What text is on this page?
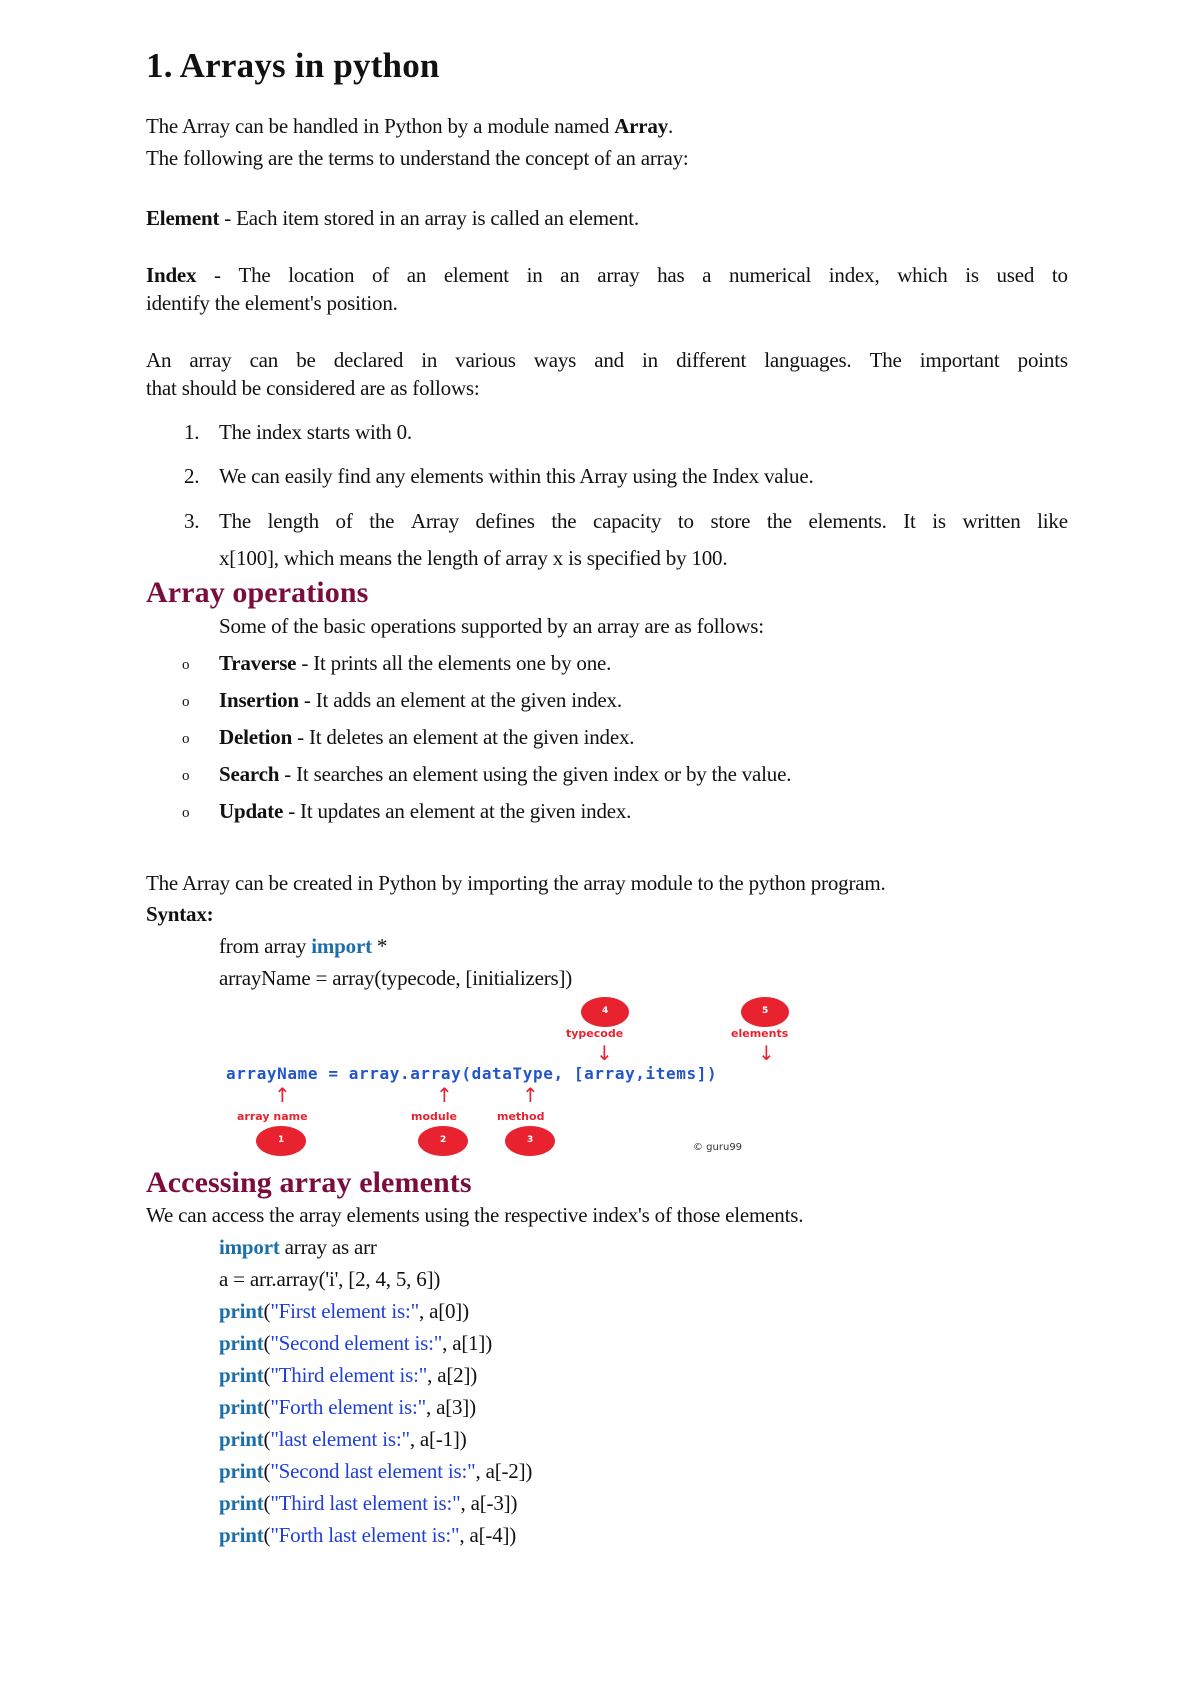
1. Arrays in python
The Array can be handled in Python by a module named Array.
The following are the terms to understand the concept of an array:
Element - Each item stored in an array is called an element.
Index - The location of an element in an array has a numerical index, which is used to
identify the element's position.
An array can be declared in various ways and in different languages. The important points
that should be considered are as follows:
1. The index starts with 0.
2. We can easily find any elements within this Array using the Index value.
3. The length of the Array defines the capacity to store the elements. It is written like
x[100], which means the length of array x is specified by 100.
Array operations
Some of the basic operations supported by an array are as follows:
o Traverse - It prints all the elements one by one.
o Insertion - It adds an element at the given index.
o Deletion - It deletes an element at the given index.
o Search - It searches an element using the given index or by the value.
o Update - It updates an element at the given index.
The Array can be created in Python by importing the array module to the python program.
Syntax:
from array import *
arrayName = array(typecode, [initializers])
4
typecode
↓
5
elements
↓
arrayName = array.array(dataType, [array,items])
↑
array name
1
↑
module
2
↑
method
3
© guru99
Accessing array elements
We can access the array elements using the respective index's of those elements.
import array as arr
a = arr.array('i', [2, 4, 5, 6])
print("First element is:", a[0])
print("Second element is:", a[1])
print("Third element is:", a[2])
print("Forth element is:", a[3])
print("last element is:", a[-1])
print("Second last element is:", a[-2])
print("Third last element is:", a[-3])
print("Forth last element is:", a[-4])
